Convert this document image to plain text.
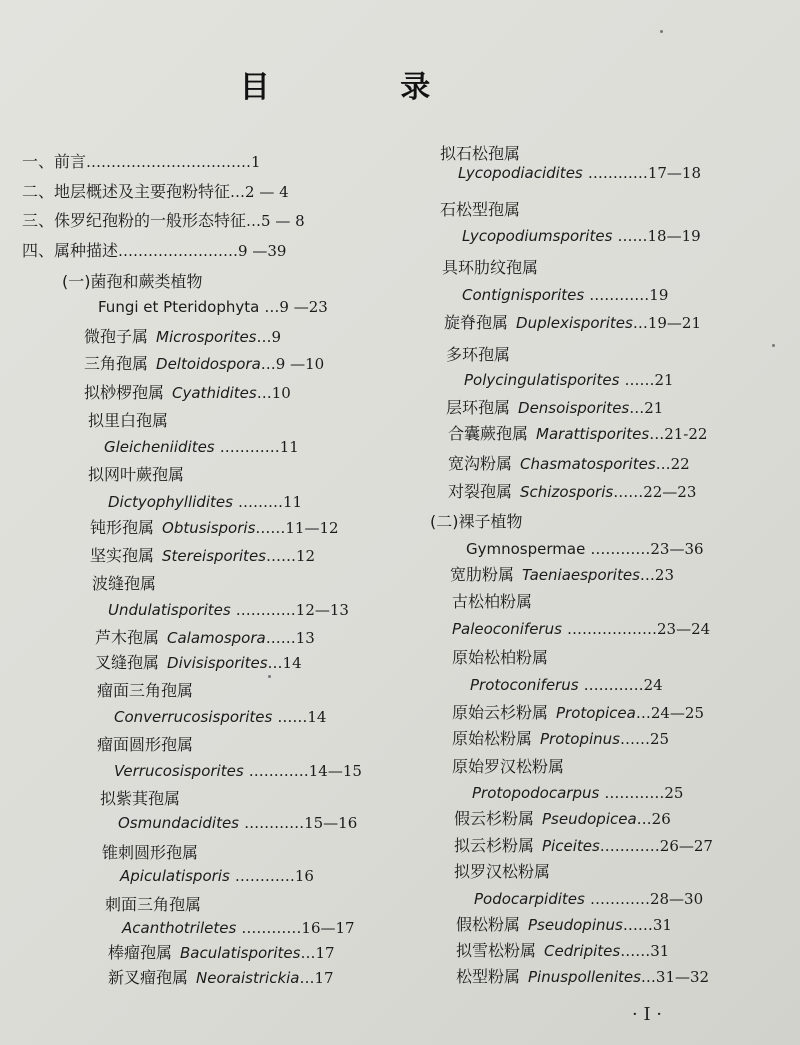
目 录
一、前言……………………………1
二、地层概述及主要孢粉特征…2 — 4
三、侏罗纪孢粉的一般形态特征…5 — 8
四、属种描述……………………9 —39
(一)菌孢和蕨类植物
Fungi et Pteridophyta …9 —23
微孢子属  Microsporites…9
三角孢属  Deltoidospora…9 —10
拟桫椤孢属  Cyathidites…10
拟里白孢属
Gleicheniidites …………11
拟网叶蕨孢属
Dictyophyllidites ………11
钝形孢属  Obtusisporis……11—12
坚实孢属  Stereisporites……12
波缝孢属
Undulatisporites …………12—13
芦木孢属  Calamospora……13
叉缝孢属  Divisisporites…14
瘤面三角孢属
Converrucosisporites ……14
瘤面圆形孢属
Verrucosisporites …………14—15
拟紫萁孢属
Osmundacidites …………15—16
锥刺圆形孢属
Apiculatisporis …………16
刺面三角孢属
Acanthotriletes …………16—17
棒瘤孢属  Baculatisporites…17
新叉瘤孢属  Neoraistrickia…17
拟石松孢属
Lycopodiacidites …………17—18
石松型孢属
Lycopodiumsporites ……18—19
具环肋纹孢属
Contignisporites …………19
旋脊孢属  Duplexisporites…19—21
多环孢属
Polycingulatisporites ……21
层环孢属  Densoisporites…21
合囊蕨孢属  Marattisporites…21-22
宽沟粉属  Chasmatosporites…22
对裂孢属  Schizosporis……22—23
(二)裸子植物
Gymnospermae …………23—36
宽肋粉属  Taeniaesporites…23
古松柏粉属
Paleoconiferus ………………23—24
原始松柏粉属
Protoconiferus …………24
原始云杉粉属  Protopicea…24—25
原始松粉属  Protopinus……25
原始罗汉松粉属
Protopodocarpus …………25
假云杉粉属  Pseudopicea…26
拟云杉粉属  Piceites…………26—27
拟罗汉松粉属
Podocarpidites …………28—30
假松粉属  Pseudopinus……31
拟雪松粉属  Cedripites……31
松型粉属  Pinuspollenites…31—32
· I ·
